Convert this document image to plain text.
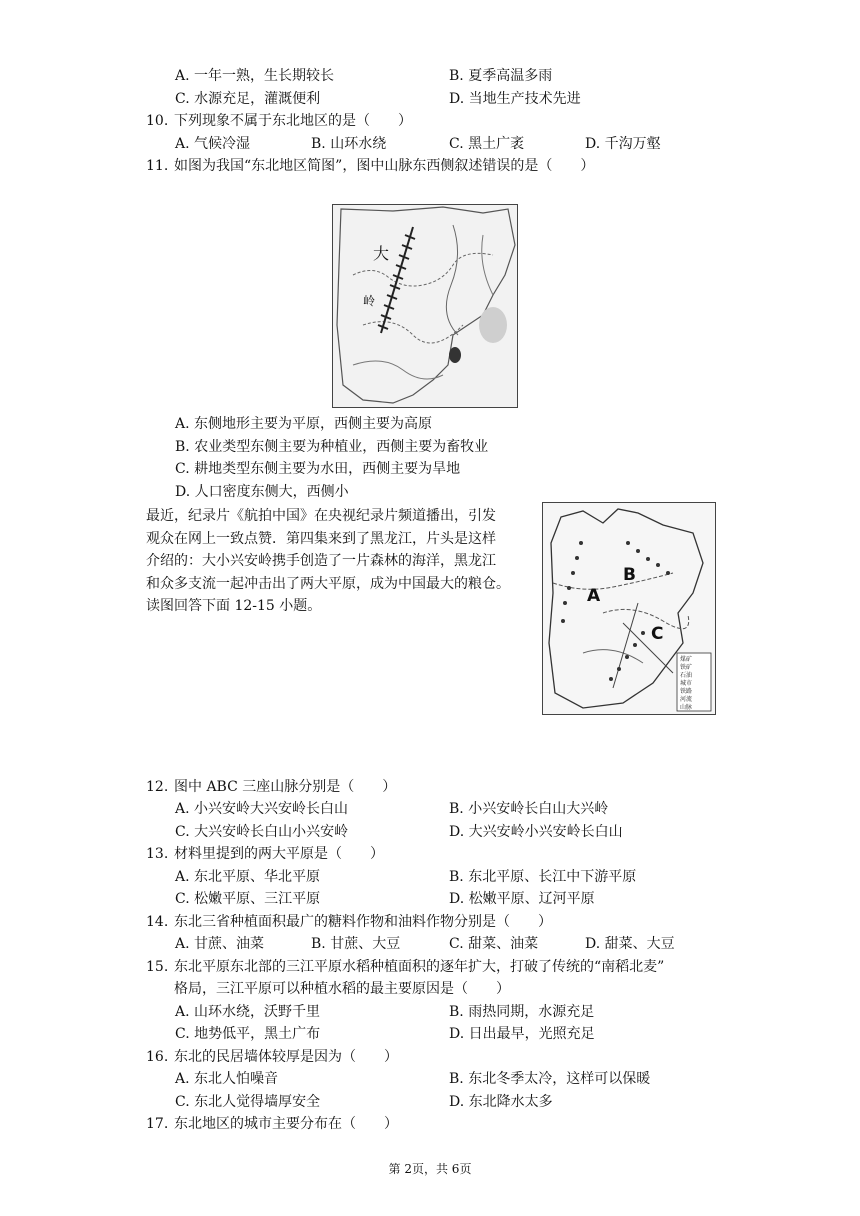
A. 一年一熟，生长期较长	B. 夏季高温多雨
C. 水源充足，灌溉便利	D. 当地生产技术先进
10. 下列现象不属于东北地区的是（　　）
A. 气候冷湿	B. 山环水绕	C. 黑土广袤	D. 千沟万壑
11. 如图为我国“东北地区简图”，图中山脉东西侧叙述错误的是（　　）
大
岭
A. 东侧地形主要为平原，西侧主要为高原
B. 农业类型东侧主要为种植业，西侧主要为畜牧业
C. 耕地类型东侧主要为水田，西侧主要为旱地
D. 人口密度东侧大，西侧小
最近，纪录片《航拍中国》在央视纪录片频道播出，引发
观众在网上一致点赞．第四集来到了黑龙江，片头是这样
介绍的：大小兴安岭携手创造了一片森林的海洋，黑龙江
和众多支流一起冲击出了两大平原，成为中国最大的粮仓。
读图回答下面 12-15 小题。	A
B
C
煤矿
铁矿
石油
城市
铁路
河流
山脉
12. 图中 ABC 三座山脉分别是（　　）
A. 小兴安岭大兴安岭长白山	B. 小兴安岭长白山大兴岭
C. 大兴安岭长白山小兴安岭	D. 大兴安岭小兴安岭长白山
13. 材料里提到的两大平原是（　　）
A. 东北平原、华北平原	B. 东北平原、长江中下游平原
C. 松嫩平原、三江平原	D. 松嫩平原、辽河平原
14. 东北三省种植面积最广的糖料作物和油料作物分别是（　　）
A. 甘蔗、油菜	B. 甘蔗、大豆	C. 甜菜、油菜	D. 甜菜、大豆
15. 东北平原东北部的三江平原水稻种植面积的逐年扩大，打破了传统的“南稻北麦”
格局，三江平原可以种植水稻的最主要原因是（　　）
A. 山环水绕，沃野千里	B. 雨热同期，水源充足
C. 地势低平，黑土广布	D. 日出最早，光照充足
16. 东北的民居墙体较厚是因为（　　）
A. 东北人怕噪音	B. 东北冬季太冷，这样可以保暖
C. 东北人觉得墙厚安全	D. 东北降水太多
17. 东北地区的城市主要分布在（　　）
第 2页，共 6页
